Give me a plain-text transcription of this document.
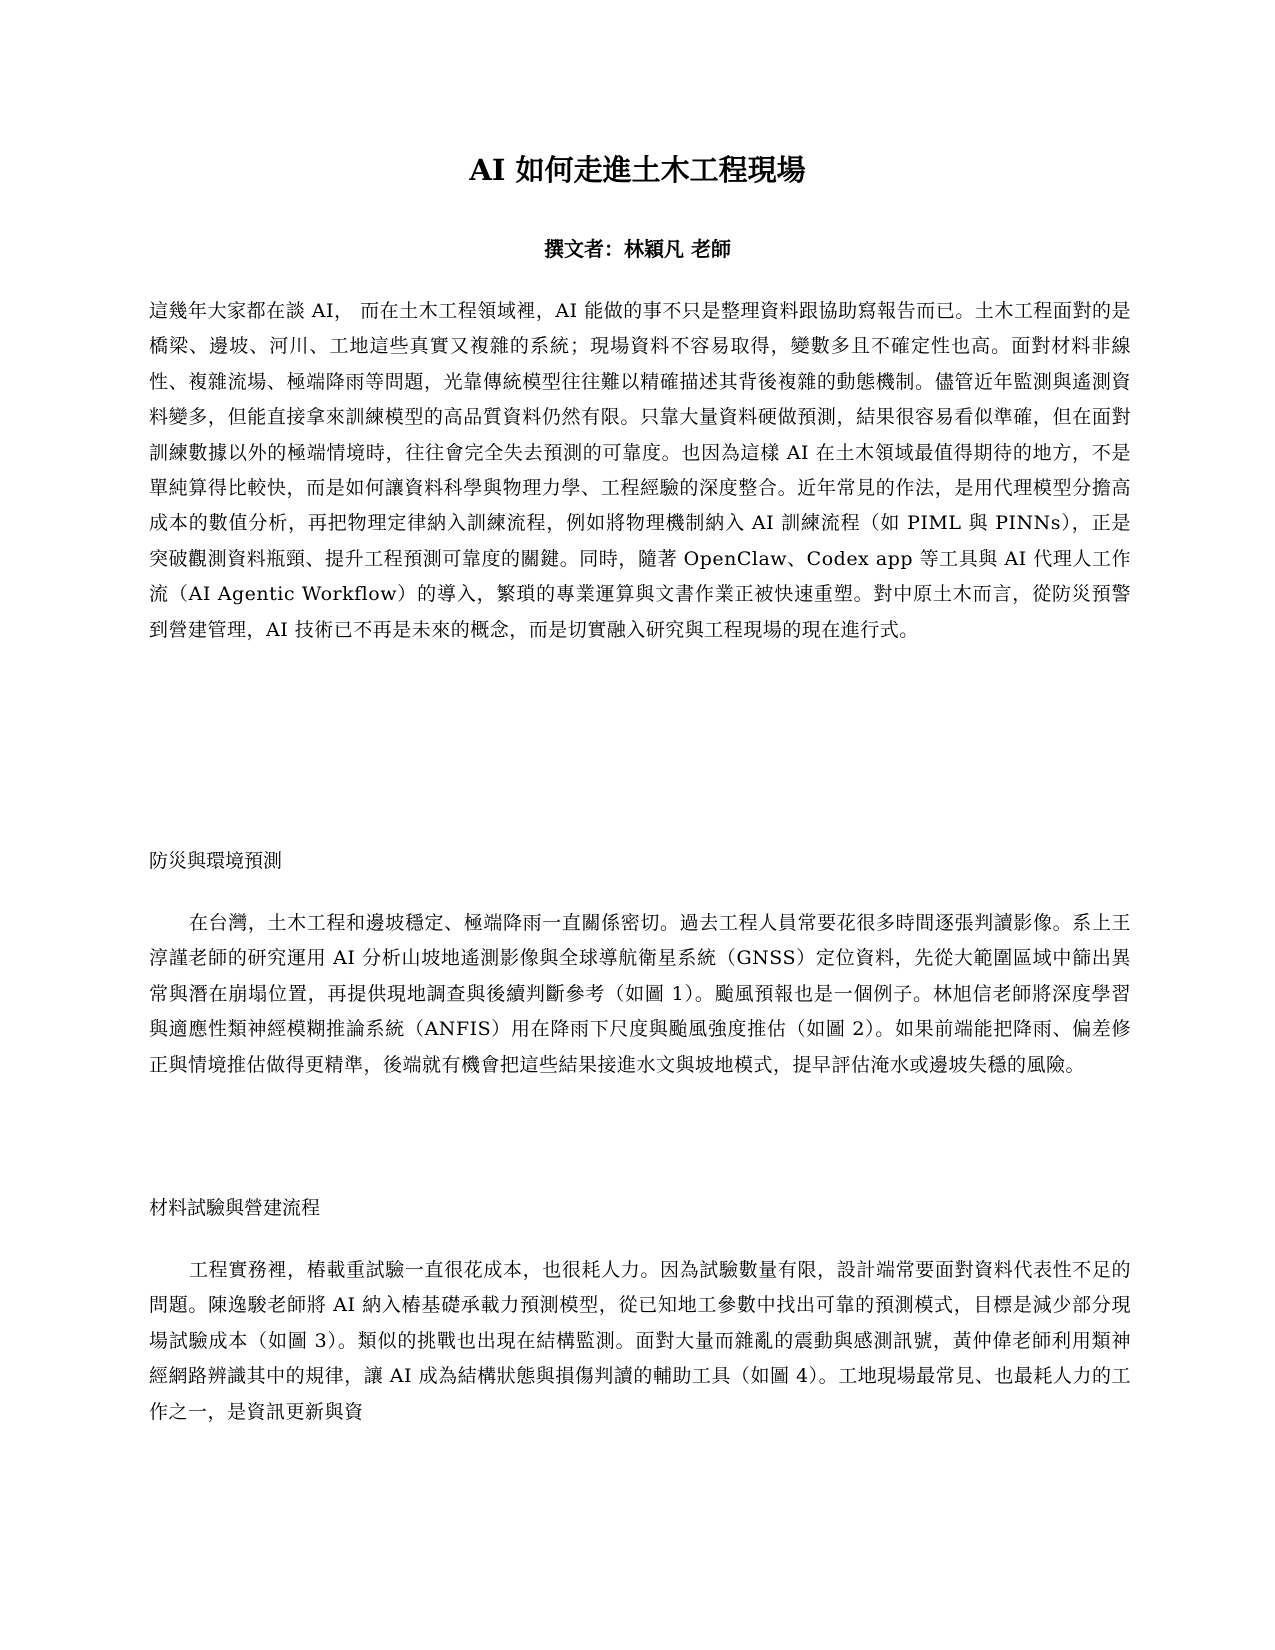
AI 如何走進土木工程現場
撰文者：林穎凡 老師

這幾年大家都在談 AI， 而在土木工程領域裡，AI 能做的事不只是整理資料跟協助寫報告而已。土木工程面對的是橋梁、邊坡、河川、工地這些真實又複雜的系統；現場資料不容易取得，變數多且不確定性也高。面對材料非線性、複雜流場、極端降雨等問題，光靠傳統模型往往難以精確描述其背後複雜的動態機制。儘管近年監測與遙測資料變多，但能直接拿來訓練模型的高品質資料仍然有限。只靠大量資料硬做預測，結果很容易看似準確，但在面對訓練數據以外的極端情境時，往往會完全失去預測的可靠度。也因為這樣 AI 在土木領域最值得期待的地方，不是單純算得比較快，而是如何讓資料科學與物理力學、工程經驗的深度整合。近年常見的作法，是用代理模型分擔高成本的數值分析，再把物理定律納入訓練流程，例如將物理機制納入 AI 訓練流程（如 PIML 與 PINNs），正是突破觀測資料瓶頸、提升工程預測可靠度的關鍵。同時，隨著 OpenClaw、Codex app 等工具與 AI 代理人工作流（AI Agentic Workflow）的導入，繁瑣的專業運算與文書作業正被快速重塑。對中原土木而言，從防災預警到營建管理，AI 技術已不再是未來的概念，而是切實融入研究與工程現場的現在進行式。

防災與環境預測

在台灣，土木工程和邊坡穩定、極端降雨一直關係密切。過去工程人員常要花很多時間逐張判讀影像。系上王淳謹老師的研究運用 AI 分析山坡地遙測影像與全球導航衛星系統（GNSS）定位資料，先從大範圍區域中篩出異常與潛在崩塌位置，再提供現地調查與後續判斷參考（如圖 1）。颱風預報也是一個例子。林旭信老師將深度學習與適應性類神經模糊推論系統（ANFIS）用在降雨下尺度與颱風強度推估（如圖 2）。如果前端能把降雨、偏差修正與情境推估做得更精準，後端就有機會把這些結果接進水文與坡地模式，提早評估淹水或邊坡失穩的風險。

材料試驗與營建流程

工程實務裡，樁載重試驗一直很花成本，也很耗人力。因為試驗數量有限，設計端常要面對資料代表性不足的問題。陳逸駿老師將 AI 納入樁基礎承載力預測模型，從已知地工參數中找出可靠的預測模式，目標是減少部分現場試驗成本（如圖 3）。類似的挑戰也出現在結構監測。面對大量而雜亂的震動與感測訊號，黃仲偉老師利用類神經網路辨識其中的規律，讓 AI 成為結構狀態與損傷判讀的輔助工具（如圖 4）。工地現場最常見、也最耗人力的工作之一，是資訊更新與資
